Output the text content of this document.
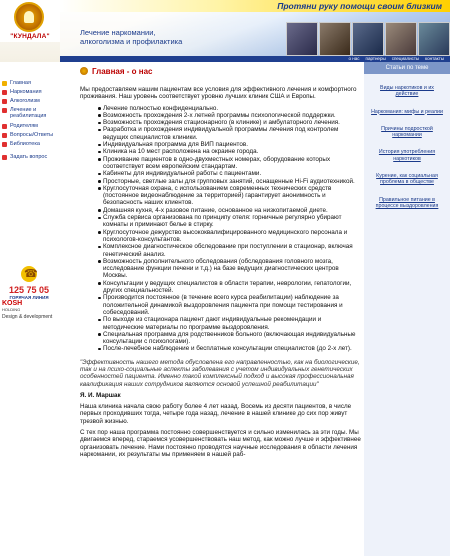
"КУНДАЛА"
Протяни руку помощи своим близким
Лечение наркомании,
алкоголизма и профилактика
о нас партнеры специалисты контакты
Главная
Наркомания
Алкоголизм
Лечение и реабилитация
Родителям
Вопросы/Ответы
Библиотека
Задать вопрос
☎
125 75 05
ГОРЯЧАЯ ЛИНИЯ
KOSH
HOLDING
Design & development
Главная - о нас

Мы предоставляем нашим пациентам все условия для эффективного лечения и комфортного проживания. Наш уровень соответствует уровню лучших клиник США и Европы.

Лечение полностью конфиденциально.
Возможность прохождения 2-х летней программы психологической поддержки.
Возможность прохождения стационарного (в клинике) и амбулаторного лечения.
Разработка и прохождения индивидуальной программы лечения под контролем ведущих специалистов клиники.
Индивидуальная программа для ВИП пациентов.
Клиника на 10 мест расположена на окраине города.
Проживание пациентов в одно-двухместных номерах, оборудование которых соответствует всем европейским стандартам.
Кабинеты для индивидуальной работы с пациентами.
Просторные, светлые залы для групповых занятий, оснащенные Hi-Fi аудиотехникой.
Круглосуточная охрана, с использованием современных технических средств (постоянное видеонаблюдение за территорией) гарантирует анонимность и безопасность наших клиентов.
Домашняя кухня, 4-х разовое питание, основанное на низкопитаемой диете.
Служба сервиса организована по принципу отеля: горничные регулярно убирают комнаты и приминают белье в стирку.
Круглосуточное дежурство высококвалифицированного медицинского персонала и психологов-консультантов.
Комплексное диагностическое обследование при поступлении в стационар, включая генетический анализ.
Возможность дополнительного обследования (обследования головного мозга, исследование функции печени и т.д.) на базе ведущих диагностических центров Москвы.
Консультации у ведущих специалистов в области терапии, неврологии, гепатологии, других специальностей.
Производится постоянное (в течение всего курса реабилитации) наблюдение за положительной динамикой выздоровления пациента при помощи тестирования и собеседований.
По выходе из стационара пациент дают индивидуальные рекомендации и методические материалы по программе выздоровления.
Специальная программа для родственников больного (включающая индивидуальные консультации с психологами).
После-лечебное наблюдение и бесплатные консультации специалистов (до 2-х лет).

"Эффективность нашего метода обусловлена его направленностью, как на биологические, так и на психо-социальные аспекты заболевания с учетом индивидуальных генетических особенностей пациента. Именно такой комплексный подход и высокая профессиональная квалификация наших сотрудников являются основой успешной реабилитации"

Я. И. Маршак

Наша клиника начала свою работу более 4 лет назад. Восемь из десяти пациентов, в числе первых проходивших тогда, четыре года назад, лечение в нашей клинике до сих пор живут трезвой жизнью.

С тех пор наша программа постоянно совершенствуется и сильно изменилась за эти годы. Мы двигаемся вперед, стараемся усовершенствовать наш метод, как можно лучше и эффективнее организовать лечение. Нами постоянно проводятся научные исследования в области лечения наркомании, их результаты мы применяем в нашей раб-

Статьи по теме
Виды наркотиков и их действие
Наркомания: мифы и реалии
Причины подросткой наркомании
История употребления наркотиков
Курение, как социальная проблема в обществе
Правильное питание в процессе выздоровления
